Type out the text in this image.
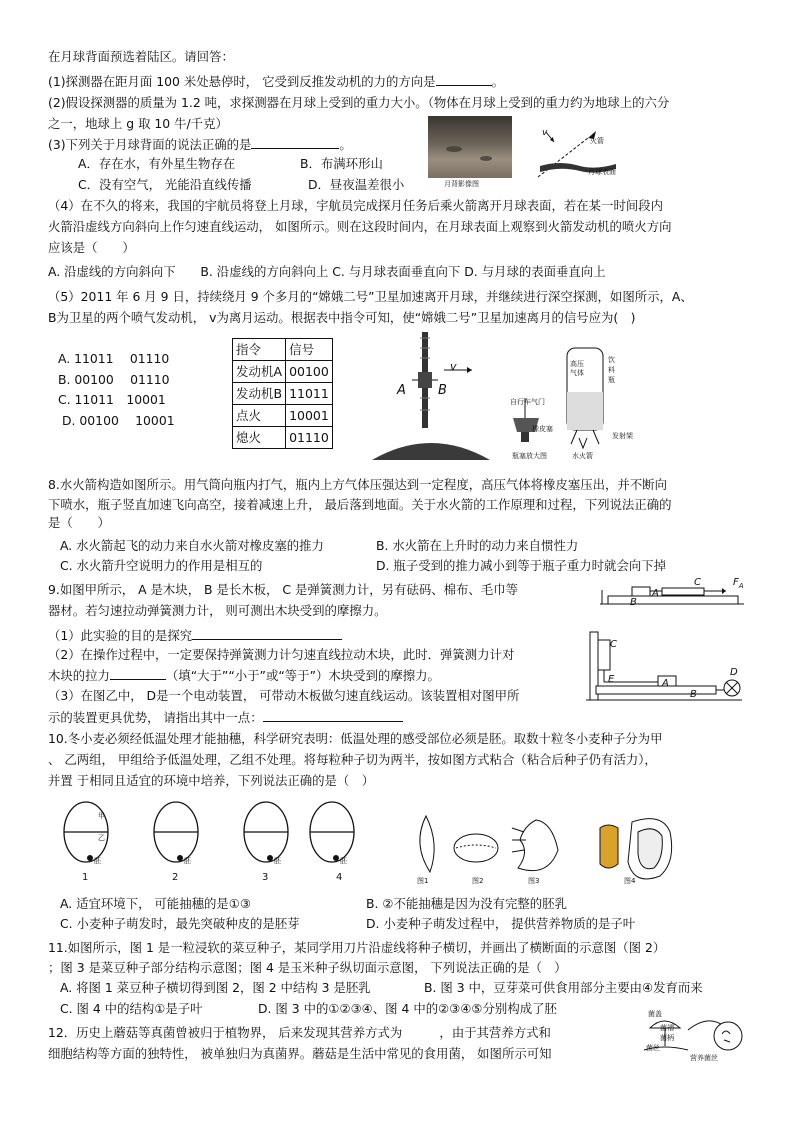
在月球背面预选着陆区。请回答：
(1)探测器在距月面 100 米处悬停时， 它受到反推发动机的力的方向是	。
(2)假设探测器的质量为 1.2 吨，求探测器在月球上受到的重力大小。（物体在月球上受到的重力约为地球上的六分
之一，地球上 g 取 10 牛/千克）
(3)下列关于月球背面的说法正确的是	。
A．存在水，有外星生物存在	B．布满环形山
C．没有空气， 光能沿直线传播	D．昼夜温差很小	月背影像图
v
火箭
月球表面
（4）在不久的将来，我国的宇航员将登上月球，宇航员完成探月任务后乘火箭离开月球表面，若在某一时间段内
火箭沿虚线方向斜向上作匀速直线运动， 如图所示。则在这段时间内，在月球表面上观察到火箭发动机的喷火方向
应该是（　　）
A. 沿虚线的方向斜向下　　B. 沿虚线的方向斜向上 C. 与月球表面垂直向下 D. 与月球的表面垂直向上
（5）2011 年 6 月 9 日，持续绕月 9 个多月的“嫦娥二号”卫星加速离开月球，并继续进行深空探测，如图所示，A、
B为卫星的两个喷气发动机， v为离月运动。根据表中指令可知，使“嫦娥二号”卫星加速离月的信号应为(　)
A. 11011　 01110
B. 00100　 01110
C. 11011　10001
D. 00100　 10001
指令	信号
发动机A	00100
发动机B	11011
点火	10001
熄火	01110
A B
v
自行车气门
橡皮塞
高压气体
饮
料
瓶
发射架
瓶塞放大图	水火箭
8.水火箭构造如图所示。用气筒向瓶内打气，瓶内上方气体压强达到一定程度，高压气体将橡皮塞压出，并不断向
下喷水，瓶子竖直加速飞向高空，接着减速上升， 最后落到地面。关于水火箭的工作原理和过程，下列说法正确的
是（　　）
A. 水火箭起飞的动力来自水火箭对橡皮塞的推力	B. 水火箭在上升时的动力来自惯性力
C. 水火箭升空说明力的作用是相互的	D. 瓶子受到的推力减小到等于瓶子重力时就会向下掉
9.如图甲所示， A 是木块， B 是长木板， C 是弹簧测力计，另有砝码、棉布、毛巾等
器材。若匀速拉动弹簧测力计， 则可测出木块受到的摩擦力。
（1）此实验的目的是探究
（2）在操作过程中，一定要保持弹簧测力计匀速直线拉动木块，此时．弹簧测力计对
木块的拉力	（填“大于”“小于”或“等于”）木块受到的摩擦力。
（3）在图乙中， D是一个电动装置， 可带动木板做匀速直线运动。该装置相对图甲所
示的装置更具优势， 请指出其中一点：
A
B
C	$F_A$
C
E	A
B
D
10.冬小麦必须经低温处理才能抽穗，科学研究表明：低温处理的感受部位必须是胚。取数十粒冬小麦种子分为甲
、 乙两组， 甲组给予低温处理，乙组不处理。将每粒种子切为两半，按如图方式粘合（粘合后种子仍有活力），
并置 于相同且适宜的环境中培养，下列说法正确的是（　）
甲
乙
胚	胚	胚	胚
1	2	3	4	图1	图2	图3	图4
A. 适宜环境下， 可能抽穗的是①③	B. ②不能抽穗是因为没有完整的胚乳
C. 小麦种子萌发时，最先突破种皮的是胚芽	D. 小麦种子萌发过程中， 提供营养物质的是子叶
11.如图所示，图 1 是一粒浸软的菜豆种子，某同学用刀片沿虚线将种子横切，并画出了横断面的示意图（图 2）
；图 3 是菜豆种子部分结构示意图；图 4 是玉米种子纵切面示意图， 下列说法正确的是（　）
A. 将图 1 菜豆种子横切得到图 2，图 2 中结构 3 是胚乳	B. 图 3 中，豆芽菜可供食用部分主要由④发育而来
C. 图 4 中的结构①是子叶	D. 图 3 中的①②③④、图 4 中的②③④⑤分别构成了胚
12．历史上蘑菇等真菌曾被归于植物界， 后来发现其营养方式为　　　，由于其营养方式和
细胞结构等方面的独特性， 被单独归为真菌界。蘑菇是生活中常见的食用菌， 如图所示可知
菌盖
菌褶
菌柄
菌丝
营养菌丝
